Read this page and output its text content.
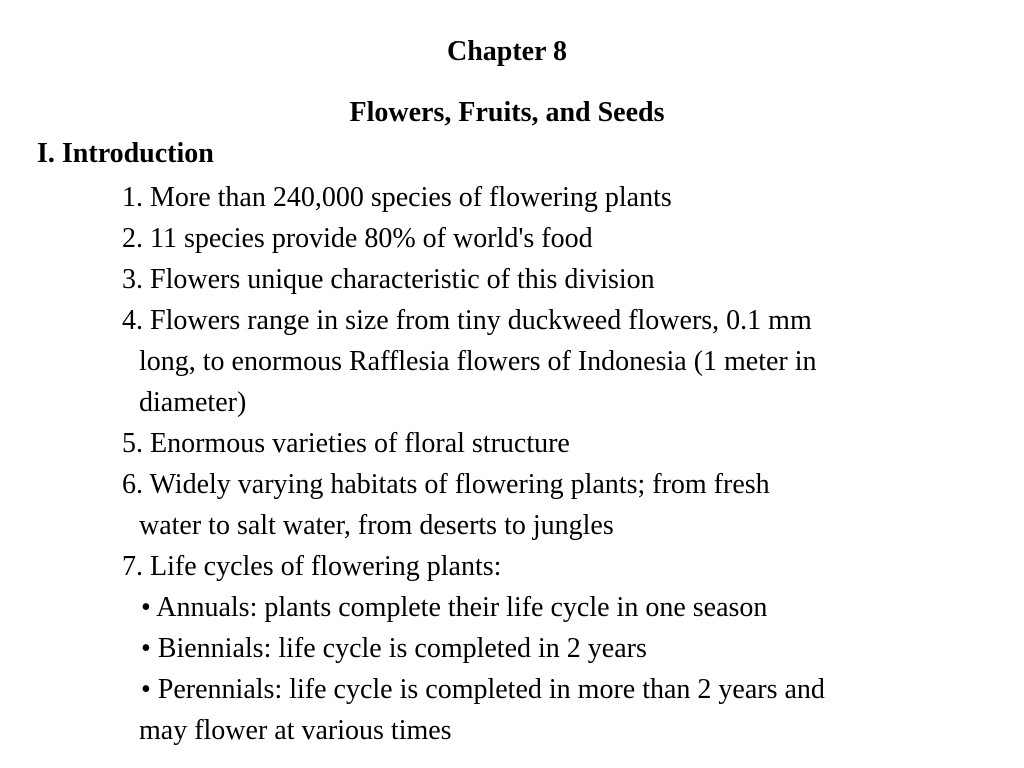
Chapter 8
Flowers, Fruits, and Seeds
I. Introduction
1. More than 240,000 species of flowering plants
2. 11 species provide 80% of world's food
3. Flowers unique characteristic of this division
4. Flowers range in size from tiny duckweed flowers, 0.1 mm
long, to enormous Rafflesia flowers of Indonesia (1 meter in
diameter)
5. Enormous varieties of floral structure
6. Widely varying habitats of flowering plants; from fresh
water to salt water, from deserts to jungles
7. Life cycles of flowering plants:
• Annuals: plants complete their life cycle in one season
• Biennials: life cycle is completed in 2 years
• Perennials: life cycle is completed in more than 2 years and
may flower at various times
